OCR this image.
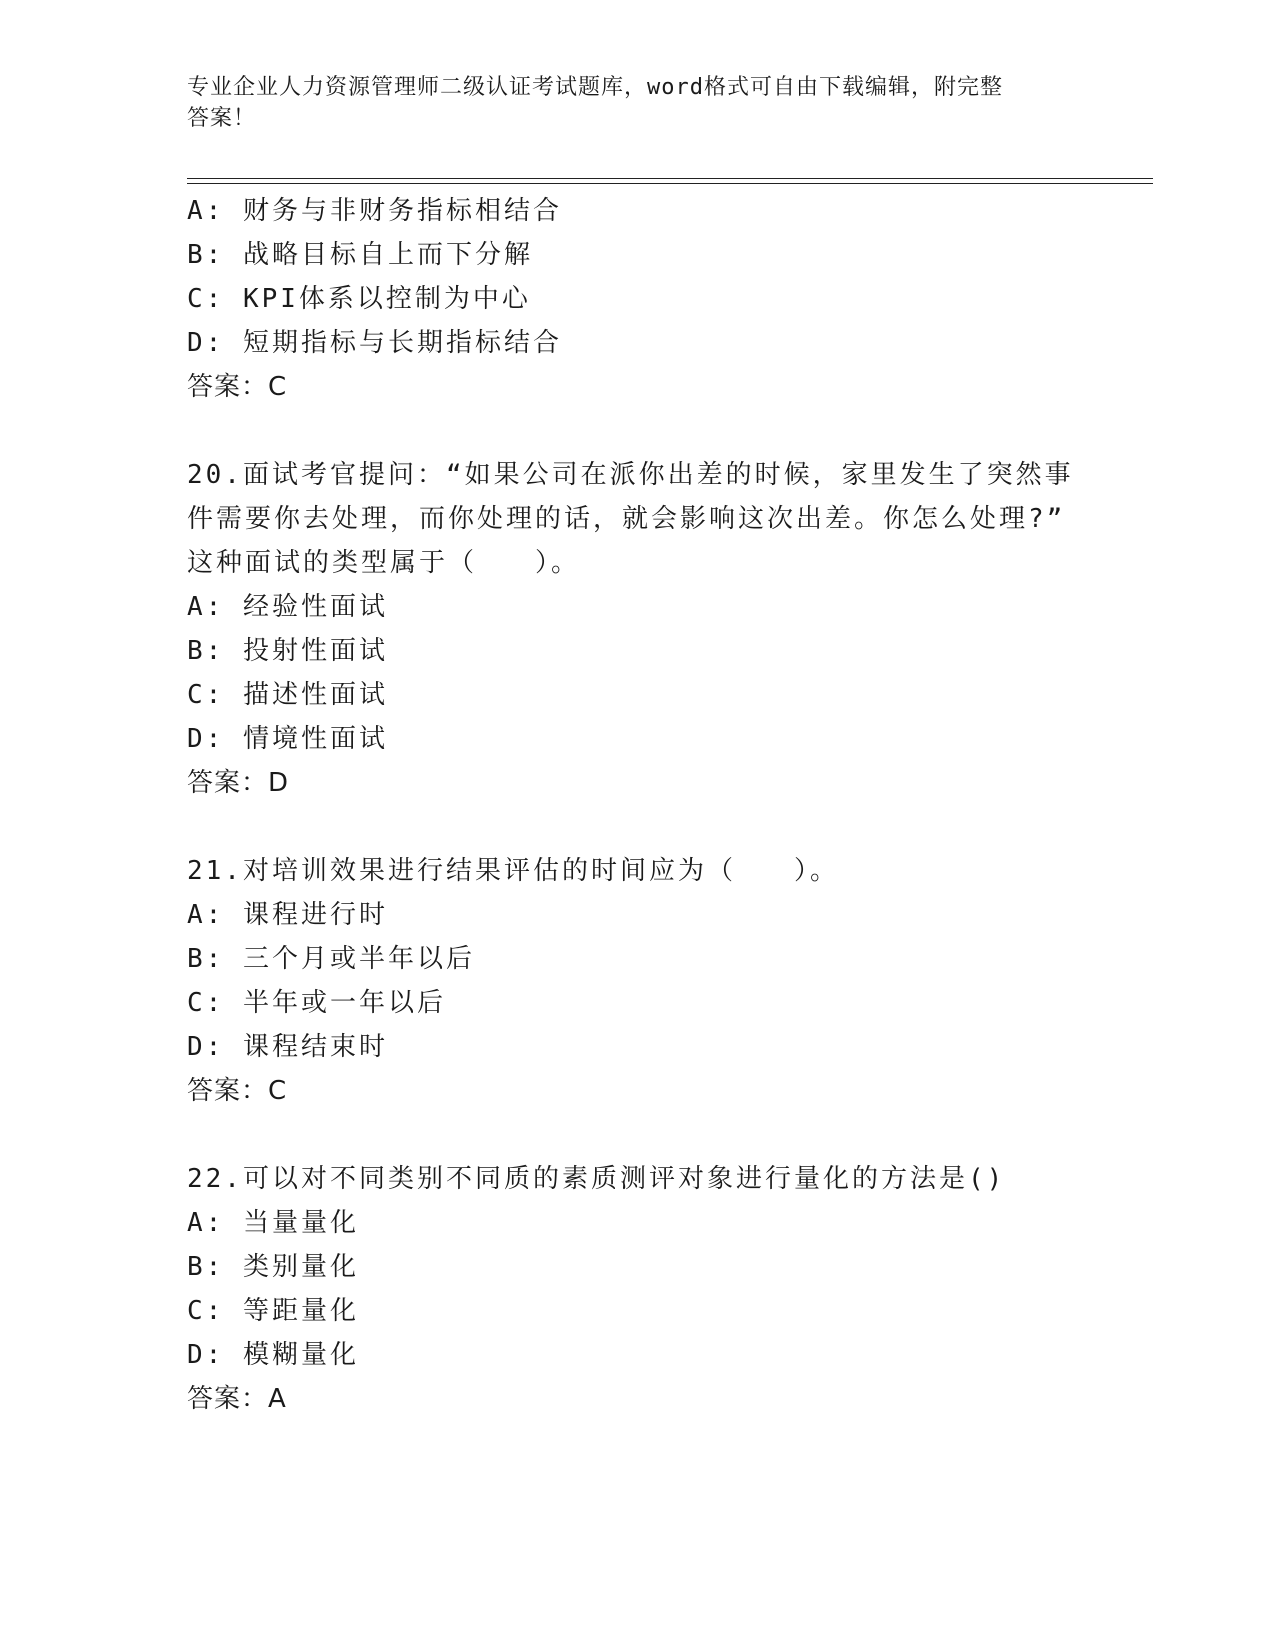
专业企业人力资源管理师二级认证考试题库，word格式可自由下载编辑，附完整
答案！
A: 财务与非财务指标相结合
B: 战略目标自上而下分解
C: KPI体系以控制为中心
D: 短期指标与长期指标结合
答案：C
20.面试考官提问：“如果公司在派你出差的时候，家里发生了突然事
件需要你去处理，而你处理的话，就会影响这次出差。你怎么处理?”
这种面试的类型属于（　　）。
A: 经验性面试
B: 投射性面试
C: 描述性面试
D: 情境性面试
答案：D
21.对培训效果进行结果评估的时间应为（　　）。
A: 课程进行时
B: 三个月或半年以后
C: 半年或一年以后
D: 课程结束时
答案：C
22.可以对不同类别不同质的素质测评对象进行量化的方法是()
A: 当量量化
B: 类别量化
C: 等距量化
D: 模糊量化
答案：A
